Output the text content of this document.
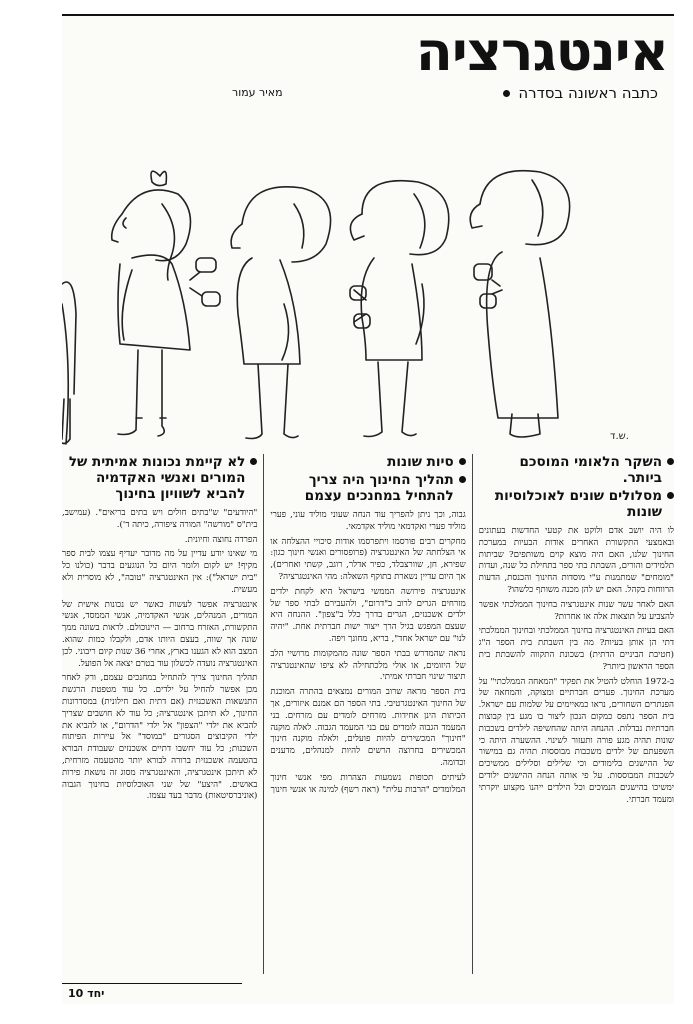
אינטגרציה

כתבה ראשונה בסדרה

מאיר עמור

ש.ד.

השקר הלאומי המוסכם ביותר.

מסלולים שונים לאוכלוסיות שונות

לו היה יושב אדם ולוקט את קטעי החדשות בעתונים ובאמצעי התקשורת האחרים אודות הבעיות במערכת החינוך שלנו, האם היה מוצא קוים משותפים? שביתות תלמידים והורים, השבתת בתי ספר בתחילת כל שנה, ועדות "מומחים" שמתמנות ע"י מוסדות החינוך והכנסת, הדעות הרווחות בקהל. האם יש להן מכנה משותף כלשהו?

האם לאחר עשר שנות אינטגרציה בחינוך הממלכתי אפשר להצביע על תוצאות אלה או אחרות?

האם בעיות האינטגרציה בחינוך הממלכתי ובחינוך הממלכתי דתי הן אותן בעיות? מה בין השבתת בית הספר ה"ג (חטיבת הביניים הדתית) בשכונת התקווה להשבתת בית הספר הראשון ביותר?

ב-1972 הוחלט להטיל את תפקיד "המאחה הממלכתי" על מערכת החינוך. פערים חברתיים ומצוקה, והמחאה של הפנתרים השחורים, נראו כמאיימים על שלמות עם ישראל. בית הספר נתפס כמקום הנכון ליצור בו מגע בין קבוצות חברתיות נבדלות. ההנחה היתה שהחשיפה לילדים בשכבות שונות תהיה מגע פורה ותעזור לשינוי. ההשערה היתה כי השפעתם של ילדים משכבות מבוססות תהיה גם במישור של ההישגים בלימודים וכי שלילים וסלילים ממשיכים לשכבות המבוססות. על פי אותה הנחה ההישגים ילודים ימשיכו בהישגים הנמוכים וכל הילדים ייהנו מקצוע יוקרתי ומעמד חברתי.

סיות שונות

תהליך החינוך היה צריך להתחיל במחנכים עצמם

גבוה, וכך ניתן להפריך עוד הנחה שעוני מוליד עוני, פערי מוליד פערי ואקדמאי מוליד אקדמאי.

מחקרים רבים פורסמו ויתפרסמו אודות סיכויי ההצלחה או אי הצלחתה של האינטגרציה (פרופסורים ואנשי חינוך כגון: שפירא, חן, שוורצבלד, כפיר אדלר, רוגב, קשתי ואחרים), אך היום עדיין נשארת בתוקף השאלה: מהי האינטגרציה?

אינטגרציה פירושה הממשי בישראל היא לקחת ילדים מזרחים הגרים לרוב ב"דרום", ולהעבירם לבתי ספר של ילדים אשכנזים, הגרים בדרך כלל ב"צפון". ההנחה היא שעצם המפגש בגיל הרך ייצור ישות חברתית אחת. "יהיה לנו" עם ישראל אחד", בריא, מחונך ויפה.

נראה שהמדרש בבתי הספר שונה מהמקומות מרושיי הלב של היזומים, או אולי מלכתחילה לא ציפו שהאינטגרציה תיצור שינוי חברתי אמיתי.

בית הספר מראה שרוב המורים נמצאים בהתרה המוכנת של החינוך האינטגרטיבי. בתי הספר הם אמנם איזורים, אך הכיתות הינן אחידות. מזרחים לומדים עם מזרחים. בני המעמד הגבוה לומדים עם בני המעמד הגבוה. לאלה מוקנה "חינוך" המכשירים להיות פועלים, ולאלה מוקנה חינוך המכשירים בחרוצה הרשים להיות למנהלים, מדענים וכדומה.

לעיתים תכופות נשמעות הצהרות מפי אנשי חינוך המלומדים "הרבות עלית" (ראה רשף) למינה או אנשי חינוך

לא קיימת נכונות אמיתית של המורים ואנשי האקדמיה להביא לשוויון בחינוך

"היודעים" ש"בתים חולים ויש בתים בריאים". (עמישב, בית"ס "מורשה" המורה ציפורה, כיתה ד').

הפרדה נחוצה וחיונית.

מי שאינו יודע עדיין על מה מדובר יעדיף עצמו לבית ספר מקיף! יש לקום ולומר היום כל הנוגעים בדבר (כולנו כל "בית ישראל"): אין האינטגרציה "טובה", לא מוסרית ולא מעשית.

אינטגרציה אפשר לעשות כאשר יש נכונות אישית של המורים, המנהלים, אנשי האקדמיה, אנשי הממסד, אנשי התקשורת, האזרח ברחוב — היינוכולם. לראות בשונה ממך שונה אך שווה, בעצם היותו אדם, ולקבלו כמות שהוא. המצב הוא לא הגענו בארץ, אחרי 36 שנות קיום ריבוני. לכן האינטגרציה נועדה לכשלון עוד בטרם יצאה אל הפועל.

תהליך החינוך צריך להתחיל במחנכים עצמם, ורק לאחר מכן אפשר להחיל על ילדים. כל עוד מטפטת הרגשת התנשאות האשכנזית (אם דתית ואם חילונית) במסדרונות החינוך, לא תיתכן אינטגרציה; כל עוד לא חושבים שצריך להביא את ילדי "הצפון" אל ילדי "הדרום", או להביא את ילדי הקיבוצים הסגורים "במוסד" אל עיירות הפיתוח השכנות; כל עוד יחשבו דתיים אשכנזים שעבודת הבורא בהטעמה אשכנזית ברורה לבורא יותר מהטעמה מזרחית, לא תיתכן אינטגרציה, והאינטגרציה מסוג זה נושאת פירות באושים. "היצע" של שני האוכלוסיות בחינוך הגבוה (אוניברסיטאות) מדבר בעד עצמו.

יחד 10
